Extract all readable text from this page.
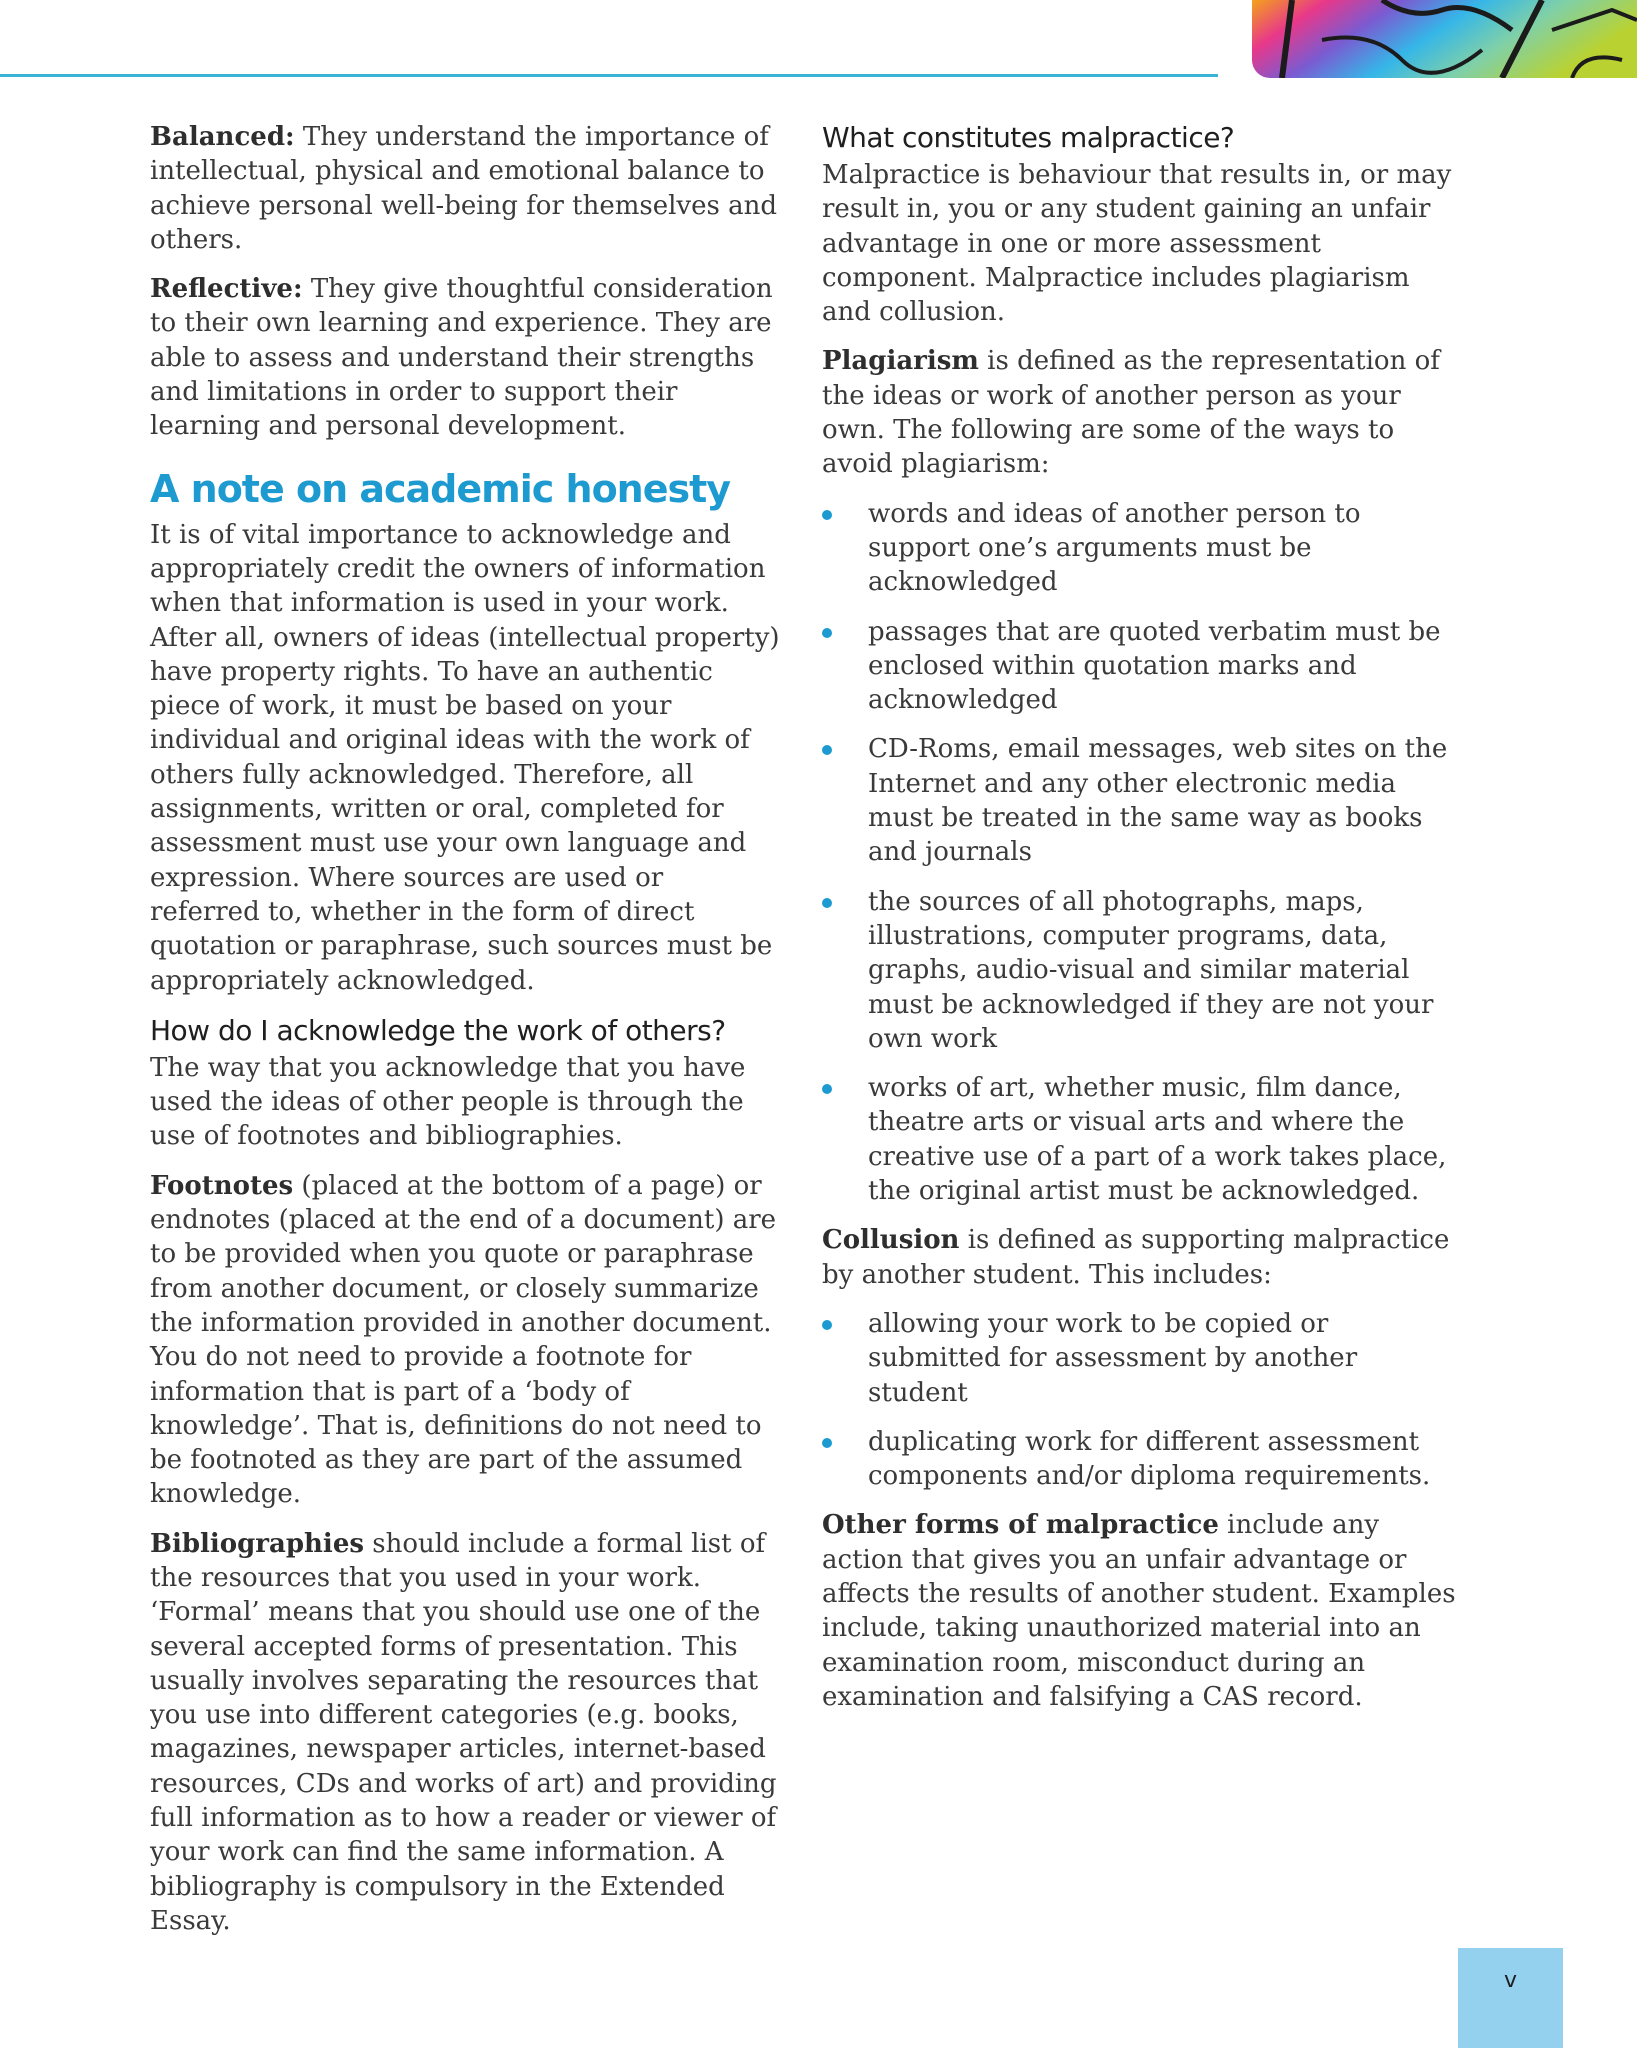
Balanced: They understand the importance of intellectual, physical and emotional balance to achieve personal well-being for themselves and others.

Reflective: They give thoughtful consideration to their own learning and experience. They are able to assess and understand their strengths and limitations in order to support their learning and personal development.

A note on academic honesty

It is of vital importance to acknowledge and appropriately credit the owners of information when that information is used in your work. After all, owners of ideas (intellectual property) have property rights. To have an authentic piece of work, it must be based on your individual and original ideas with the work of others fully acknowledged. Therefore, all assignments, written or oral, completed for assessment must use your own language and expression. Where sources are used or referred to, whether in the form of direct quotation or paraphrase, such sources must be appropriately acknowledged.

How do I acknowledge the work of others?

The way that you acknowledge that you have used the ideas of other people is through the use of footnotes and bibliographies.

Footnotes (placed at the bottom of a page) or endnotes (placed at the end of a document) are to be provided when you quote or paraphrase from another document, or closely summarize the information provided in another document. You do not need to provide a footnote for information that is part of a ‘body of knowledge’. That is, definitions do not need to be footnoted as they are part of the assumed knowledge.

Bibliographies should include a formal list of the resources that you used in your work. ‘Formal’ means that you should use one of the several accepted forms of presentation. This usually involves separating the resources that you use into different categories (e.g. books, magazines, newspaper articles, internet-based resources, CDs and works of art) and providing full information as to how a reader or viewer of your work can find the same information. A bibliography is compulsory in the Extended Essay.

What constitutes malpractice?

Malpractice is behaviour that results in, or may result in, you or any student gaining an unfair advantage in one or more assessment component. Malpractice includes plagiarism and collusion.

Plagiarism is defined as the representation of the ideas or work of another person as your own. The following are some of the ways to avoid plagiarism:

words and ideas of another person to support one’s arguments must be acknowledged
passages that are quoted verbatim must be enclosed within quotation marks and acknowledged
CD-Roms, email messages, web sites on the Internet and any other electronic media must be treated in the same way as books and journals
the sources of all photographs, maps, illustrations, computer programs, data, graphs, audio-visual and similar material must be acknowledged if they are not your own work
works of art, whether music, film dance, theatre arts or visual arts and where the creative use of a part of a work takes place, the original artist must be acknowledged.

Collusion is defined as supporting malpractice by another student. This includes:

allowing your work to be copied or submitted for assessment by another student
duplicating work for different assessment components and/or diploma requirements.

Other forms of malpractice include any action that gives you an unfair advantage or affects the results of another student. Examples include, taking unauthorized material into an examination room, misconduct during an examination and falsifying a CAS record.

v
